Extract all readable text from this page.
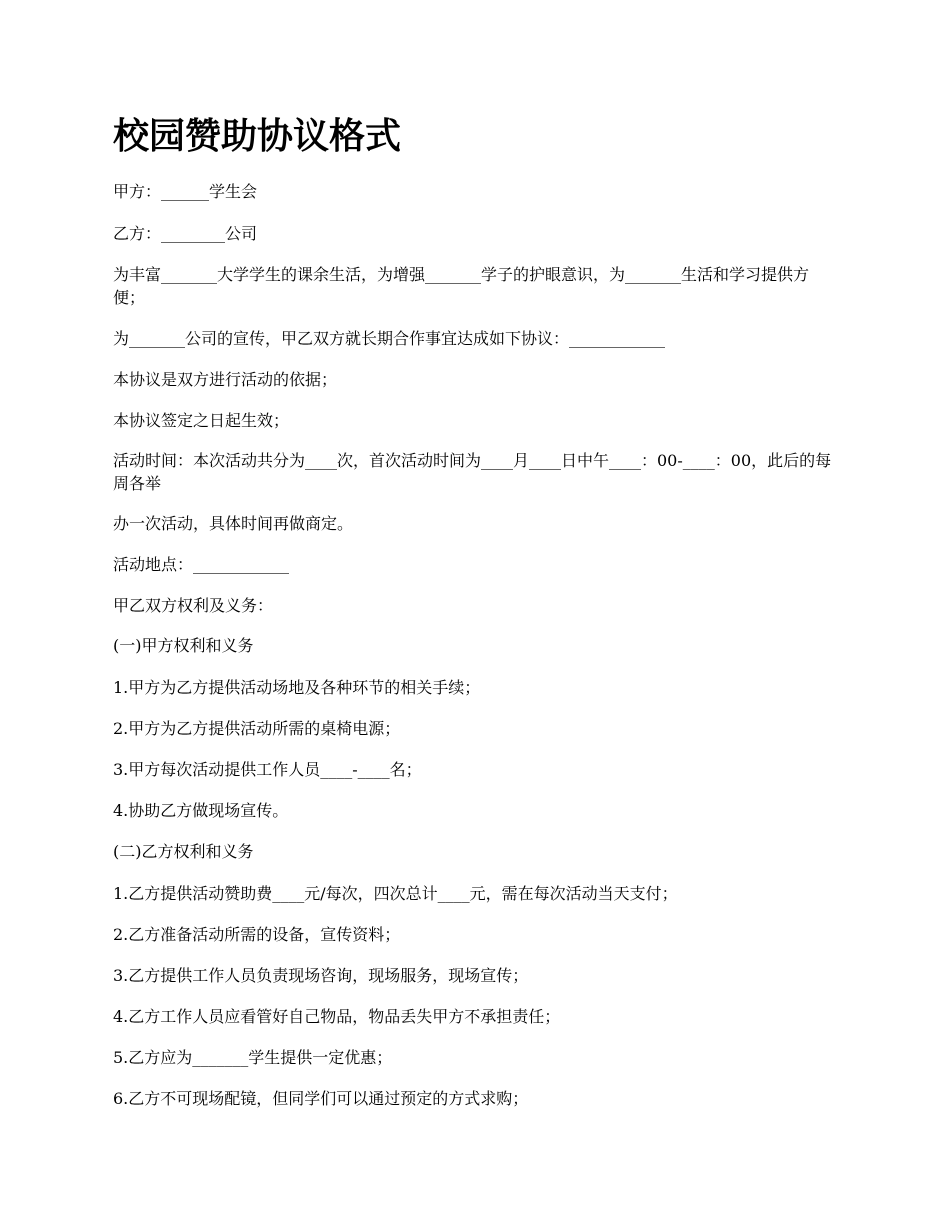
校园赞助协议格式

甲方：______学生会

乙方：________公司

为丰富_______大学学生的课余生活，为增强_______学子的护眼意识，为_______生活和学习提供方便；

为_______公司的宣传，甲乙双方就长期合作事宜达成如下协议：____________

本协议是双方进行活动的依据；

本协议签定之日起生效；

活动时间：本次活动共分为____次，首次活动时间为____月____日中午____：00-____：00，此后的每周各举

办一次活动，具体时间再做商定。

活动地点：____________

甲乙双方权利及义务：

(一)甲方权利和义务

1.甲方为乙方提供活动场地及各种环节的相关手续；

2.甲方为乙方提供活动所需的桌椅电源；

3.甲方每次活动提供工作人员____-____名；

4.协助乙方做现场宣传。

(二)乙方权利和义务

1.乙方提供活动赞助费____元/每次，四次总计____元，需在每次活动当天支付；

2.乙方准备活动所需的设备，宣传资料；

3.乙方提供工作人员负责现场咨询，现场服务，现场宣传；

4.乙方工作人员应看管好自己物品，物品丢失甲方不承担责任；

5.乙方应为_______学生提供一定优惠；

6.乙方不可现场配镜，但同学们可以通过预定的方式求购；
